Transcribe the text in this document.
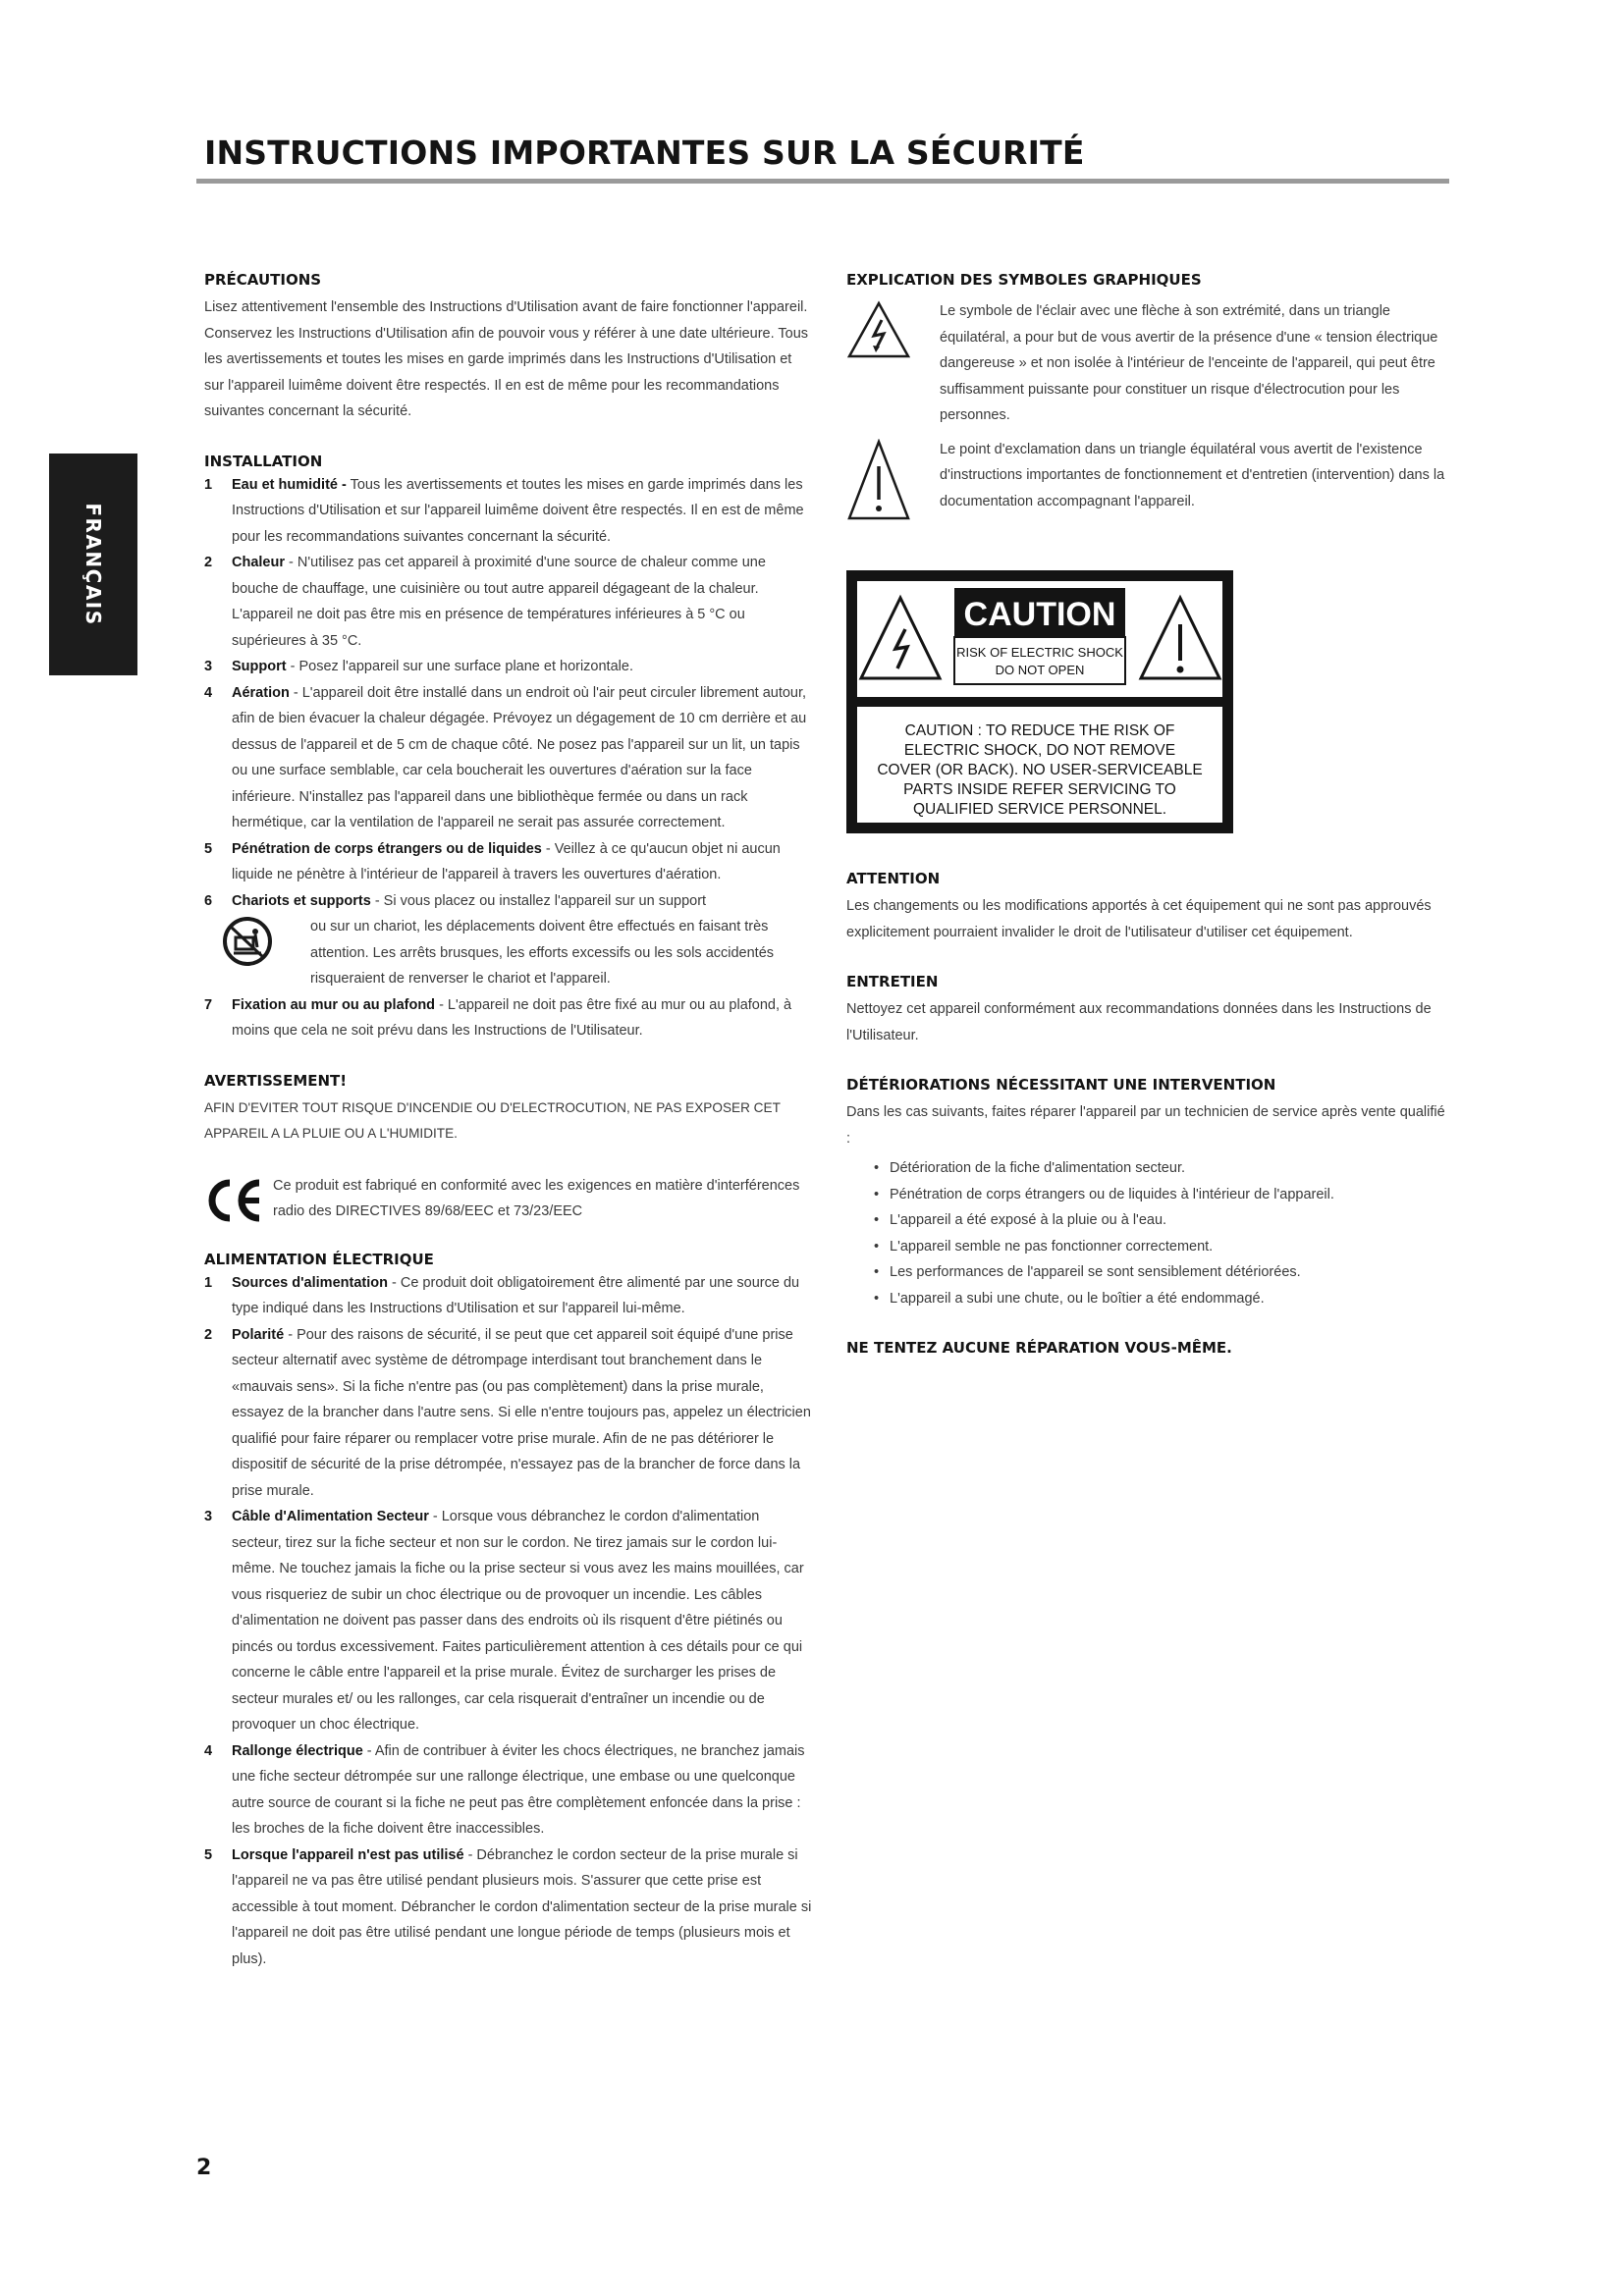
INSTRUCTIONS IMPORTANTES SUR LA SÉCURITÉ
FRANÇAIS
PRÉCAUTIONS

Lisez attentivement l'ensemble des Instructions d'Utilisation avant de faire fonctionner l'appareil. Conservez les Instructions d'Utilisation afin de pouvoir vous y référer à une date ultérieure. Tous les avertissements et toutes les mises en garde imprimés dans les Instructions d'Utilisation et sur l'appareil luimême doivent être respectés. Il en est de même pour les recommandations suivantes concernant la sécurité.

INSTALLATION
1 Eau et humidité - Tous les avertissements et toutes les mises en garde imprimés dans les Instructions d'Utilisation et sur l'appareil luimême doivent être respectés. Il en est de même pour les recommandations suivantes concernant la sécurité.
2 Chaleur - N'utilisez pas cet appareil à proximité d'une source de chaleur comme une bouche de chauffage, une cuisinière ou tout autre appareil dégageant de la chaleur. L'appareil ne doit pas être mis en présence de températures inférieures à 5 °C ou supérieures à 35 °C.
3 Support - Posez l'appareil sur une surface plane et horizontale.
4 Aération - L'appareil doit être installé dans un endroit où l'air peut circuler librement autour, afin de bien évacuer la chaleur dégagée. Prévoyez un dégagement de 10 cm derrière et au dessus de l'appareil et de 5 cm de chaque côté. Ne posez pas l'appareil sur un lit, un tapis ou une surface semblable, car cela boucherait les ouvertures d'aération sur la face inférieure. N'installez pas l'appareil dans une bibliothèque fermée ou dans un rack hermétique, car la ventilation de l'appareil ne serait pas assurée correctement.
5 Pénétration de corps étrangers ou de liquides - Veillez à ce qu'aucun objet ni aucun liquide ne pénètre à l'intérieur de l'appareil à travers les ouvertures d'aération.
6 Chariots et supports - Si vous placez ou installez l'appareil sur un support
ou sur un chariot, les déplacements doivent être effectués en faisant très attention. Les arrêts brusques, les efforts excessifs ou les sols accidentés risqueraient de renverser le chariot et l'appareil.
7 Fixation au mur ou au plafond - L'appareil ne doit pas être fixé au mur ou au plafond, à moins que cela ne soit prévu dans les Instructions de l'Utilisateur.
AVERTISSEMENT!

AFIN D'EVITER TOUT RISQUE D'INCENDIE OU D'ELECTROCUTION, NE PAS EXPOSER CET APPAREIL A LA PLUIE OU A L'HUMIDITE.

Ce produit est fabriqué en conformité avec les exigences en matière d'interférences radio des DIRECTIVES 89/68/EEC et 73/23/EEC
ALIMENTATION ÉLECTRIQUE
1 Sources d'alimentation - Ce produit doit obligatoirement être alimenté par une source du type indiqué dans les Instructions d'Utilisation et sur l'appareil lui-même.
2 Polarité - Pour des raisons de sécurité, il se peut que cet appareil soit équipé d'une prise secteur alternatif avec système de détrompage interdisant tout branchement dans le «mauvais sens». Si la fiche n'entre pas (ou pas complètement) dans la prise murale, essayez de la brancher dans l'autre sens. Si elle n'entre toujours pas, appelez un électricien qualifié pour faire réparer ou remplacer votre prise murale. Afin de ne pas détériorer le dispositif de sécurité de la prise détrompée, n'essayez pas de la brancher de force dans la prise murale.
3 Câble d'Alimentation Secteur - Lorsque vous débranchez le cordon d'alimentation secteur, tirez sur la fiche secteur et non sur le cordon. Ne tirez jamais sur le cordon lui-même. Ne touchez jamais la fiche ou la prise secteur si vous avez les mains mouillées, car vous risqueriez de subir un choc électrique ou de provoquer un incendie. Les câbles d'alimentation ne doivent pas passer dans des endroits où ils risquent d'être piétinés ou pincés ou tordus excessivement. Faites particulièrement attention à ces détails pour ce qui concerne le câble entre l'appareil et la prise murale. Évitez de surcharger les prises de secteur murales et/ ou les rallonges, car cela risquerait d'entraîner un incendie ou de provoquer un choc électrique.
4 Rallonge électrique - Afin de contribuer à éviter les chocs électriques, ne branchez jamais une fiche secteur détrompée sur une rallonge électrique, une embase ou une quelconque autre source de courant si la fiche ne peut pas être complètement enfoncée dans la prise : les broches de la fiche doivent être inaccessibles.
5 Lorsque l'appareil n'est pas utilisé - Débranchez le cordon secteur de la prise murale si l'appareil ne va pas être utilisé pendant plusieurs mois. S'assurer que cette prise est accessible à tout moment. Débrancher le cordon d'alimentation secteur de la prise murale si l'appareil ne doit pas être utilisé pendant une longue période de temps (plusieurs mois et plus).
EXPLICATION DES SYMBOLES GRAPHIQUES
Le symbole de l'éclair avec une flèche à son extrémité, dans un triangle équilatéral, a pour but de vous avertir de la présence d'une « tension électrique dangereuse » et non isolée à l'intérieur de l'enceinte de l'appareil, qui peut être suffisamment puissante pour constituer un risque d'électrocution pour les personnes.
Le point d'exclamation dans un triangle équilatéral vous avertit de l'existence d'instructions importantes de fonctionnement et d'entretien (intervention) dans la documentation accompagnant l'appareil.
CAUTION
RISK OF ELECTRIC SHOCK
DO NOT OPEN
CAUTION : TO REDUCE THE RISK OF
ELECTRIC SHOCK, DO NOT REMOVE
COVER (OR BACK). NO USER-SERVICEABLE
PARTS INSIDE REFER SERVICING TO
QUALIFIED SERVICE PERSONNEL.
ATTENTION

Les changements ou les modifications apportés à cet équipement qui ne sont pas approuvés explicitement pourraient invalider le droit de l'utilisateur d'utiliser cet équipement.

ENTRETIEN

Nettoyez cet appareil conformément aux recommandations données dans les Instructions de l'Utilisateur.

DÉTÉRIORATIONS NÉCESSITANT UNE INTERVENTION

Dans les cas suivants, faites réparer l'appareil par un technicien de service après vente qualifié :

• Détérioration de la fiche d'alimentation secteur.
• Pénétration de corps étrangers ou de liquides à l'intérieur de l'appareil.
• L'appareil a été exposé à la pluie ou à l'eau.
• L'appareil semble ne pas fonctionner correctement.
• Les performances de l'appareil se sont sensiblement détériorées.
• L'appareil a subi une chute, ou le boîtier a été endommagé.
NE TENTEZ AUCUNE RÉPARATION VOUS-MÊME.
2
